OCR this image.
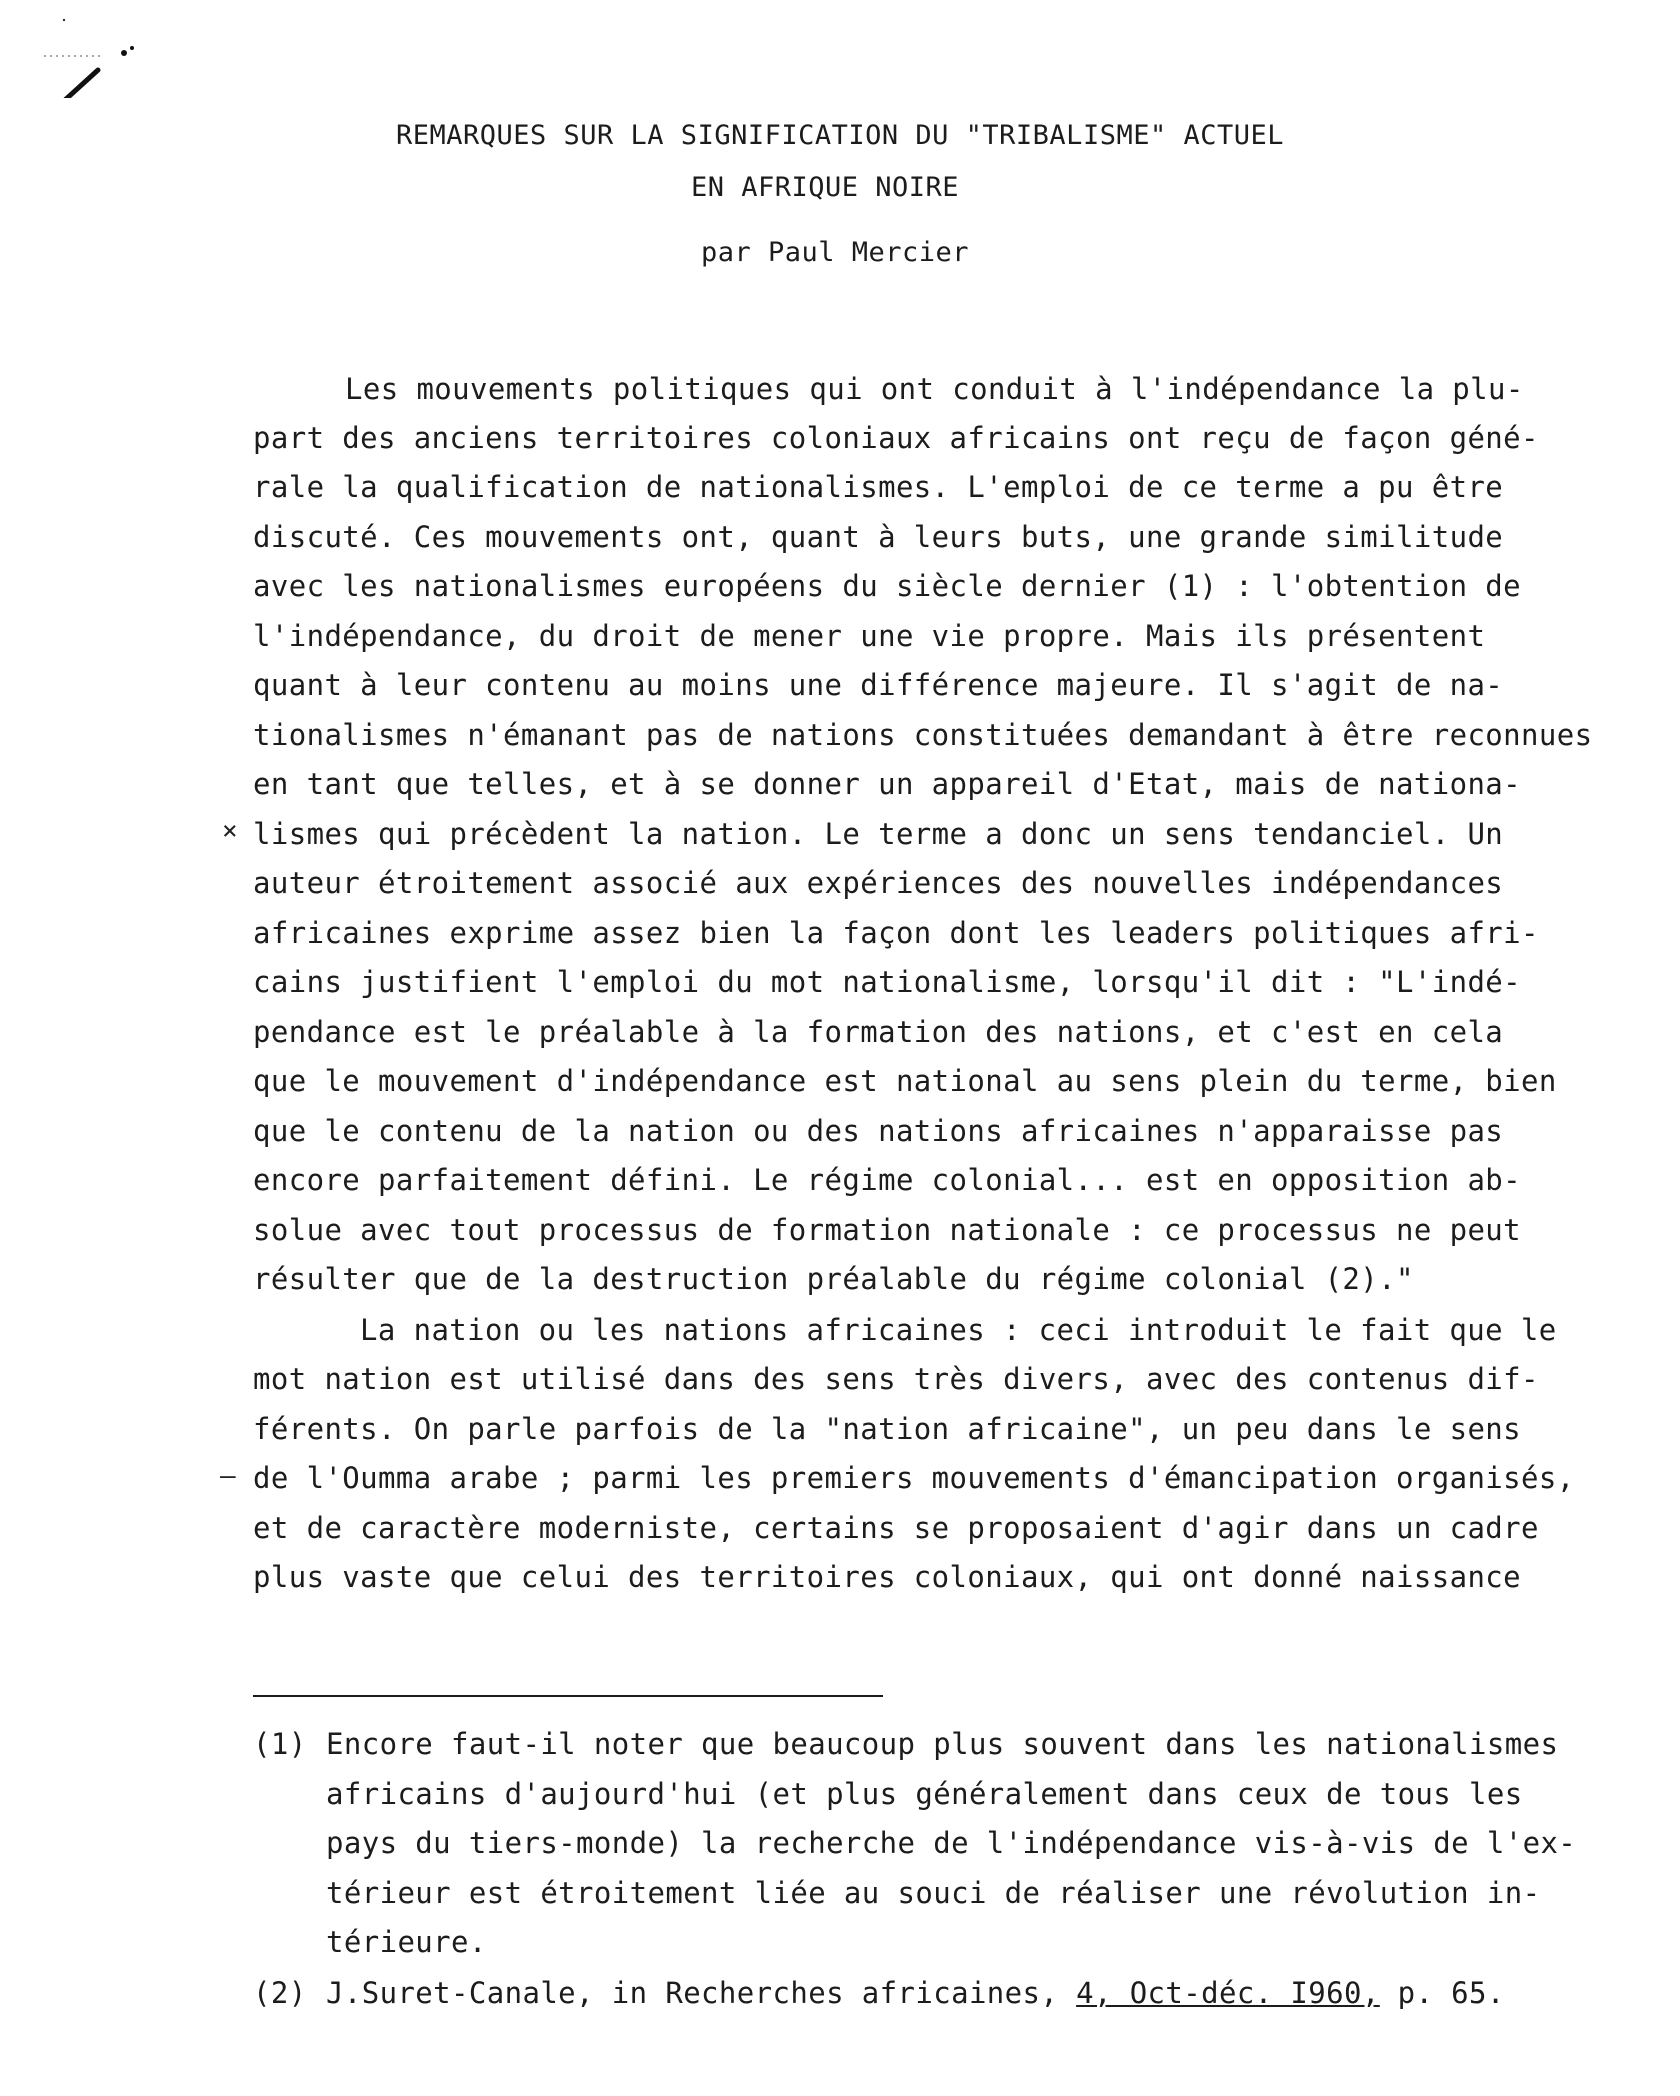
REMARQUES SUR LA SIGNIFICATION DU "TRIBALISME" ACTUEL
EN AFRIQUE NOIRE
par Paul Mercier
Les mouvements politiques qui ont conduit à l'indépendance la plu-
part des anciens territoires coloniaux africains ont reçu de façon géné-
rale la qualification de nationalismes. L'emploi de ce terme a pu être
discuté. Ces mouvements ont, quant à leurs buts, une grande similitude
avec les nationalismes européens du siècle dernier (1) : l'obtention de
l'indépendance, du droit de mener une vie propre. Mais ils présentent
quant à leur contenu au moins une différence majeure. Il s'agit de na-
tionalismes n'émanant pas de nations constituées demandant à être reconnues
en tant que telles, et à se donner un appareil d'Etat, mais de nationa-
lismes qui précèdent la nation. Le terme a donc un sens tendanciel. Un
auteur étroitement associé aux expériences des nouvelles indépendances
africaines exprime assez bien la façon dont les leaders politiques afri-
cains justifient l'emploi du mot nationalisme, lorsqu'il dit : "L'indé-
pendance est le préalable à la formation des nations, et c'est en cela
que le mouvement d'indépendance est national au sens plein du terme, bien
que le contenu de la nation ou des nations africaines n'apparaisse pas
encore parfaitement défini. Le régime colonial... est en opposition ab-
solue avec tout processus de formation nationale : ce processus ne peut
résulter que de la destruction préalable du régime colonial (2)."
La nation ou les nations africaines : ceci introduit le fait que le
mot nation est utilisé dans des sens très divers, avec des contenus dif-
férents. On parle parfois de la "nation africaine", un peu dans le sens
de l'Oumma arabe ; parmi les premiers mouvements d'émancipation organisés,
et de caractère moderniste, certains se proposaient d'agir dans un cadre
plus vaste que celui des territoires coloniaux, qui ont donné naissance
×
–
(1) Encore faut-il noter que beaucoup plus souvent dans les nationalismes
africains d'aujourd'hui (et plus généralement dans ceux de tous les
pays du tiers-monde) la recherche de l'indépendance vis-à-vis de l'ex-
térieur est étroitement liée au souci de réaliser une révolution in-
térieure.
(2) J.Suret-Canale, in Recherches africaines, 4, Oct-déc. I960, p. 65.
